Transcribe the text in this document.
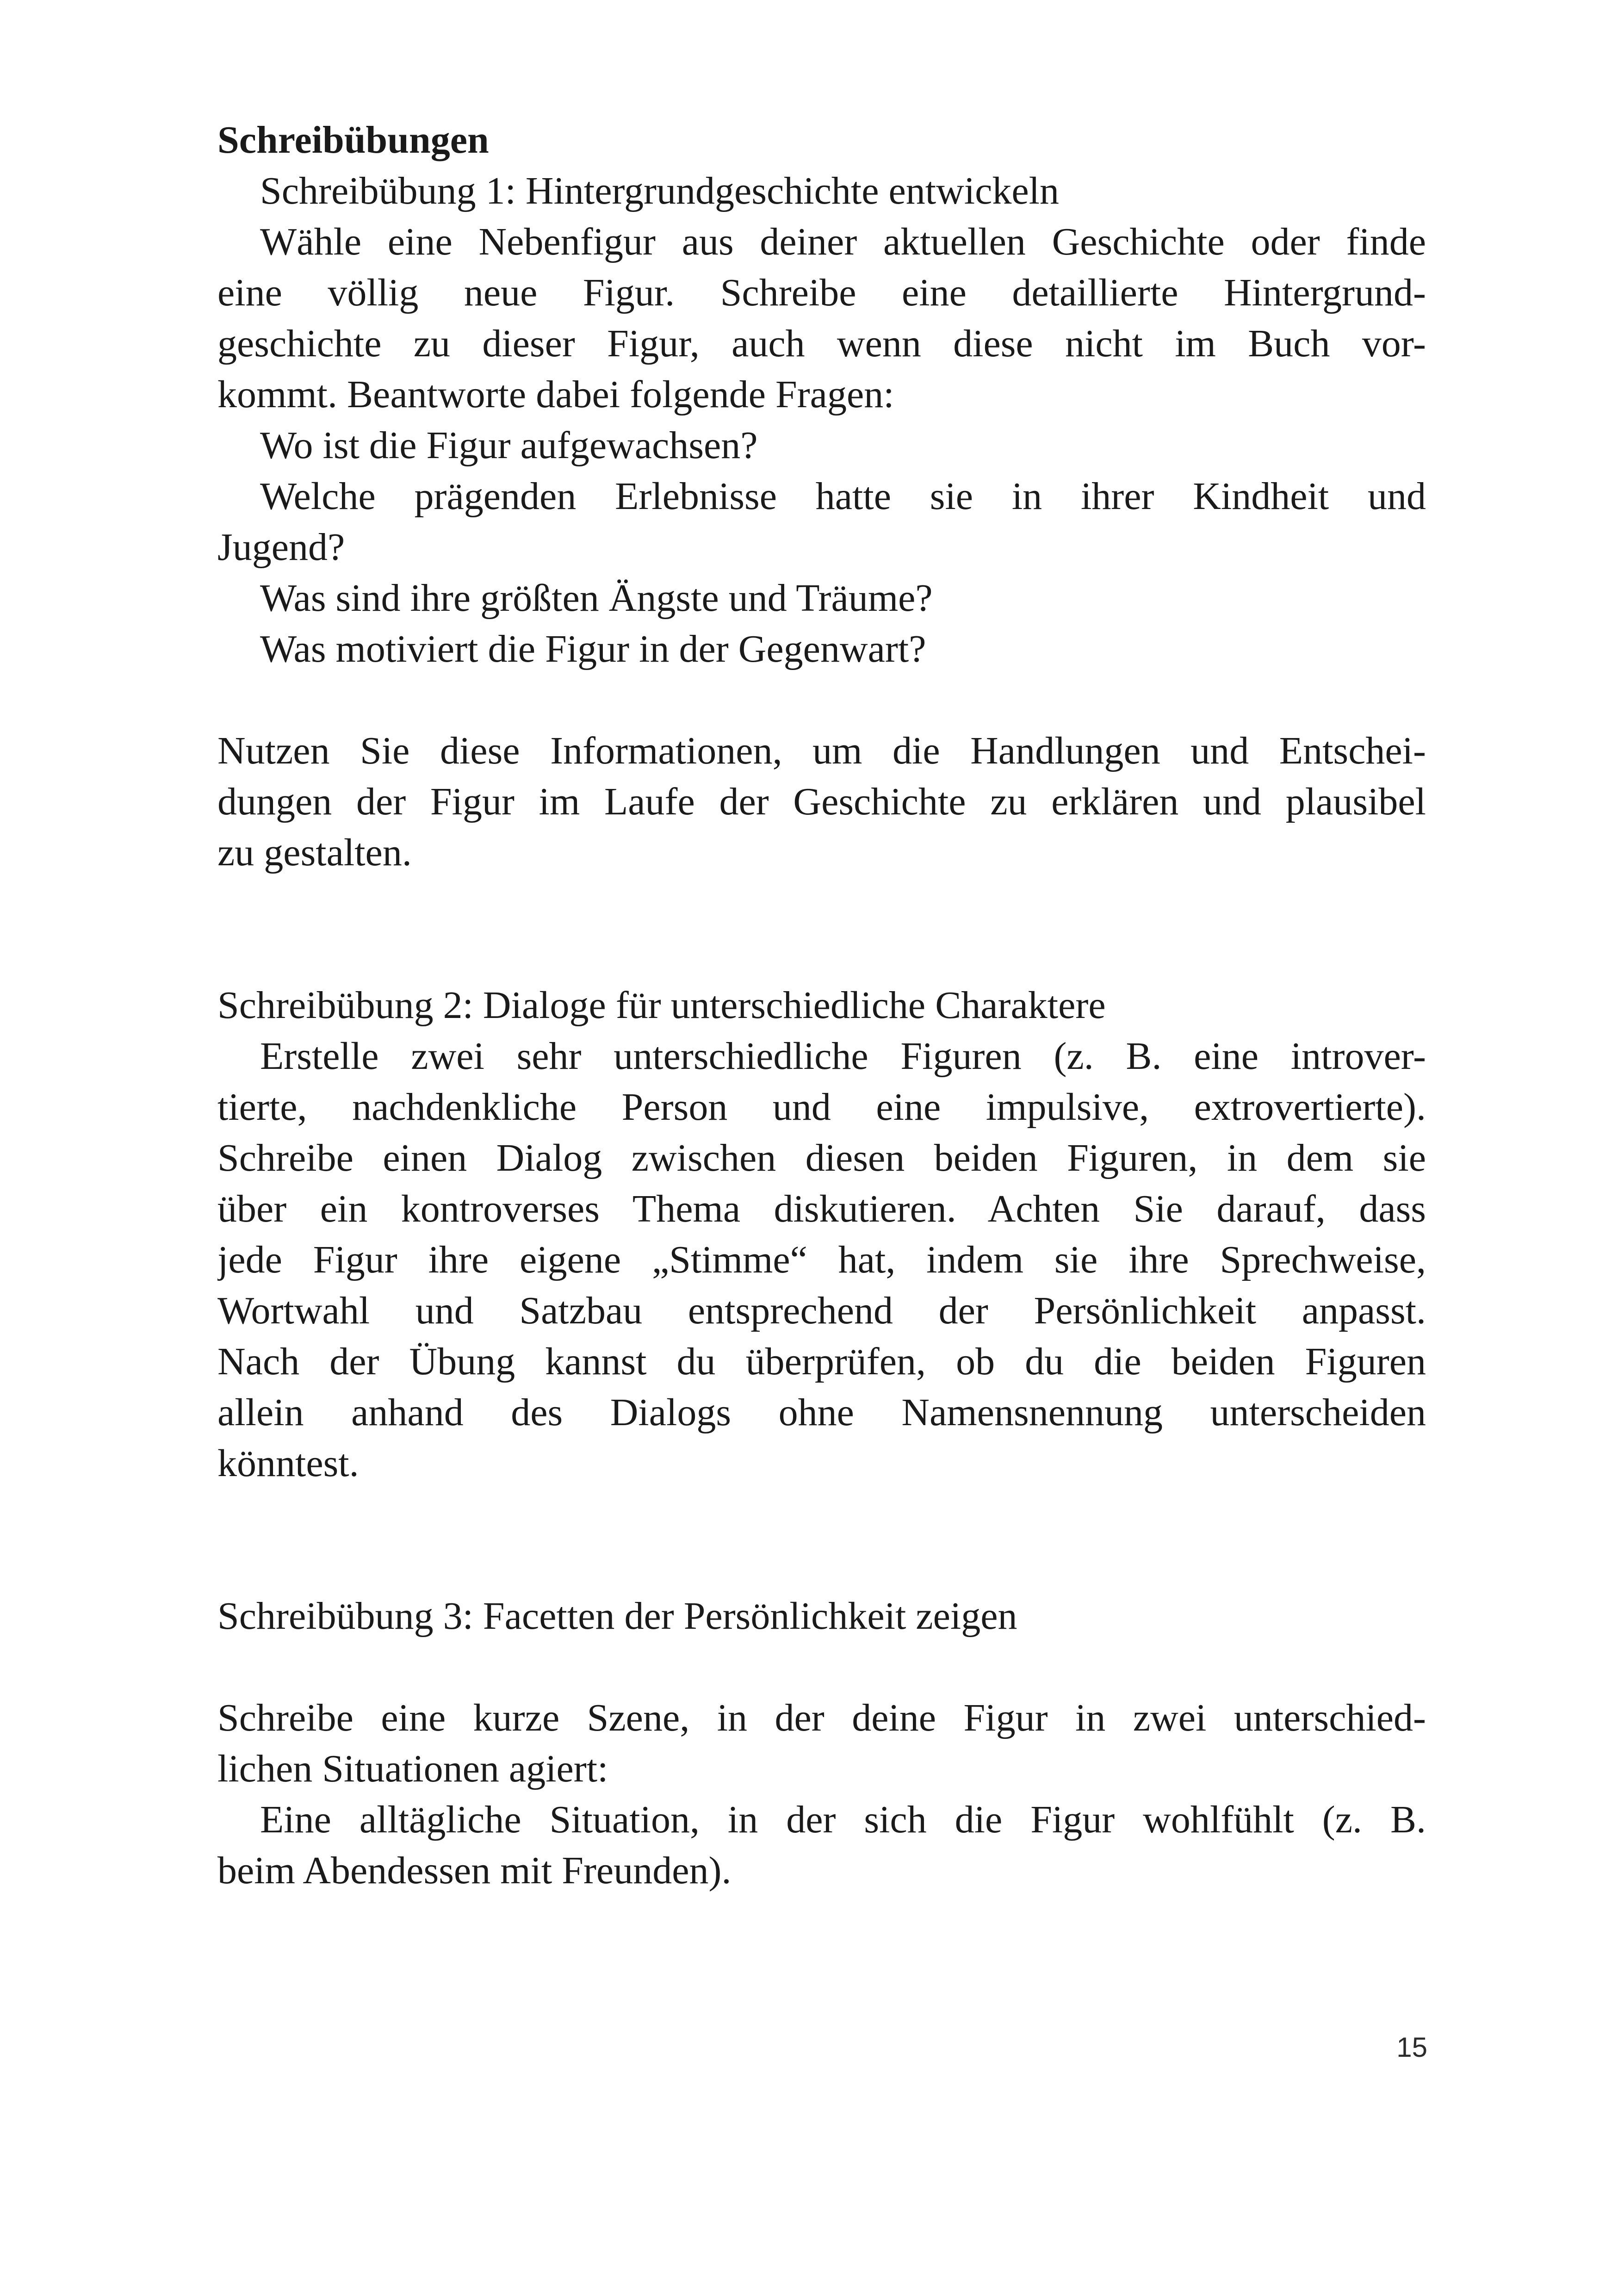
Schreibübungen
Schreibübung 1: Hintergrundgeschichte entwickeln
Wähle eine Nebenfigur aus deiner aktuellen Geschichte oder finde
eine völlig neue Figur. Schreibe eine detaillierte Hintergrund-
geschichte zu dieser Figur, auch wenn diese nicht im Buch vor-
kommt. Beantworte dabei folgende Fragen:
Wo ist die Figur aufgewachsen?
Welche prägenden Erlebnisse hatte sie in ihrer Kindheit und
Jugend?
Was sind ihre größten Ängste und Träume?
Was motiviert die Figur in der Gegenwart?
Nutzen Sie diese Informationen, um die Handlungen und Entschei-
dungen der Figur im Laufe der Geschichte zu erklären und plausibel
zu gestalten.
Schreibübung 2: Dialoge für unterschiedliche Charaktere
Erstelle zwei sehr unterschiedliche Figuren (z. B. eine introver-
tierte, nachdenkliche Person und eine impulsive, extrovertierte).
Schreibe einen Dialog zwischen diesen beiden Figuren, in dem sie
über ein kontroverses Thema diskutieren. Achten Sie darauf, dass
jede Figur ihre eigene „Stimme“ hat, indem sie ihre Sprechweise,
Wortwahl und Satzbau entsprechend der Persönlichkeit anpasst.
Nach der Übung kannst du überprüfen, ob du die beiden Figuren
allein anhand des Dialogs ohne Namensnennung unterscheiden
könntest.
Schreibübung 3: Facetten der Persönlichkeit zeigen
Schreibe eine kurze Szene, in der deine Figur in zwei unterschied-
lichen Situationen agiert:
Eine alltägliche Situation, in der sich die Figur wohlfühlt (z. B.
beim Abendessen mit Freunden).
15
